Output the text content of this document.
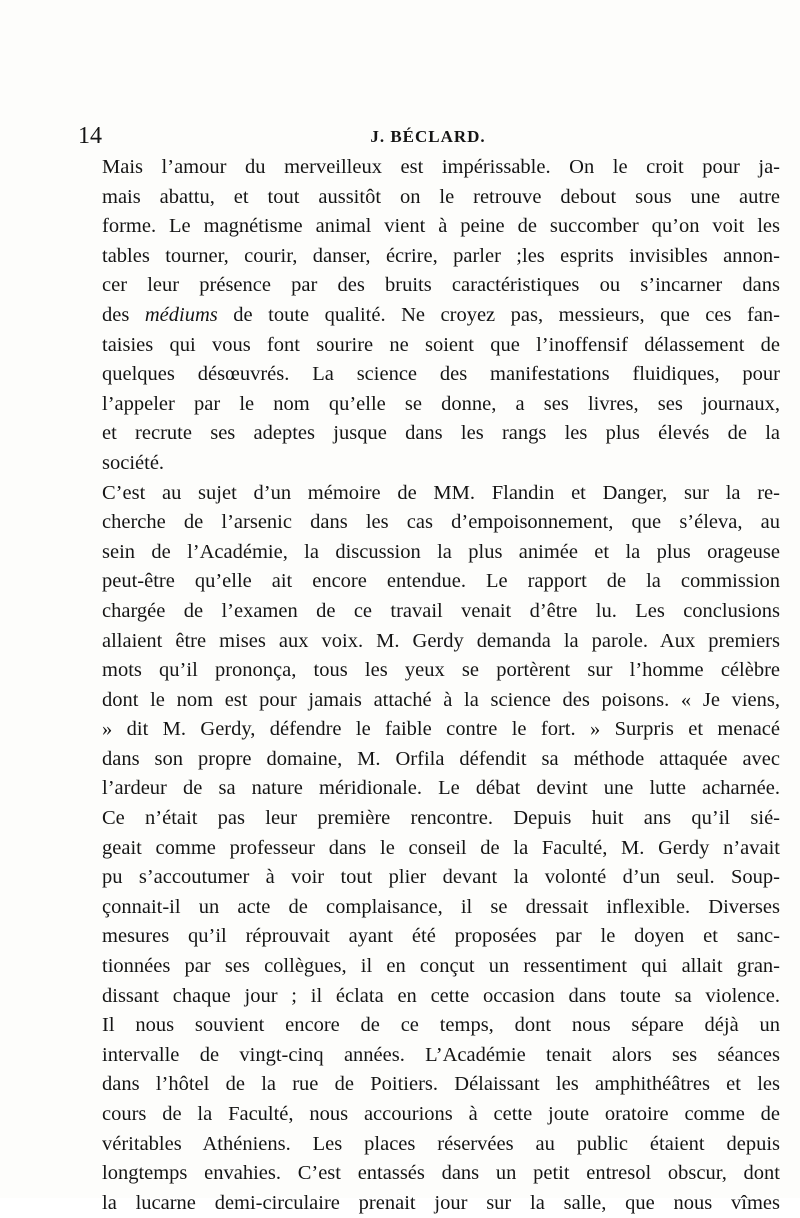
14	J. BÉCLARD.

Mais l’amour du merveilleux est impérissable. On le croit pour ja-
mais abattu, et tout aussitôt on le retrouve debout sous une autre
forme. Le magnétisme animal vient à peine de succomber qu’on voit les
tables tourner, courir, danser, écrire, parler ;les esprits invisibles annon-
cer leur présence par des bruits caractéristiques ou s’incarner dans
des médiums de toute qualité. Ne croyez pas, messieurs, que ces fan-
taisies qui vous font sourire ne soient que l’inoffensif délassement de
quelques désœuvrés. La science des manifestations fluidiques, pour
l’appeler par le nom qu’elle se donne, a ses livres, ses journaux,
et recrute ses adeptes jusque dans les rangs les plus élevés de la
société.

C’est au sujet d’un mémoire de MM. Flandin et Danger, sur la re-
cherche de l’arsenic dans les cas d’empoisonnement, que s’éleva, au
sein de l’Académie, la discussion la plus animée et la plus orageuse
peut-être qu’elle ait encore entendue. Le rapport de la commission
chargée de l’examen de ce travail venait d’être lu. Les conclusions
allaient être mises aux voix. M. Gerdy demanda la parole. Aux premiers
mots qu’il prononça, tous les yeux se portèrent sur l’homme célèbre
dont le nom est pour jamais attaché à la science des poisons. « Je viens,
» dit M. Gerdy, défendre le faible contre le fort. » Surpris et menacé
dans son propre domaine, M. Orfila défendit sa méthode attaquée avec
l’ardeur de sa nature méridionale. Le débat devint une lutte acharnée.

Ce n’était pas leur première rencontre. Depuis huit ans qu’il sié-
geait comme professeur dans le conseil de la Faculté, M. Gerdy n’avait
pu s’accoutumer à voir tout plier devant la volonté d’un seul. Soup-
çonnait-il un acte de complaisance, il se dressait inflexible. Diverses
mesures qu’il réprouvait ayant été proposées par le doyen et sanc-
tionnées par ses collègues, il en conçut un ressentiment qui allait gran-
dissant chaque jour ; il éclata en cette occasion dans toute sa violence.

Il nous souvient encore de ce temps, dont nous sépare déjà un
intervalle de vingt-cinq années. L’Académie tenait alors ses séances
dans l’hôtel de la rue de Poitiers. Délaissant les amphithéâtres et les
cours de la Faculté, nous accourions à cette joute oratoire comme de
véritables Athéniens. Les places réservées au public étaient depuis
longtemps envahies. C’est entassés dans un petit entresol obscur, dont
la lucarne demi-circulaire prenait jour sur la salle, que nous vîmes
